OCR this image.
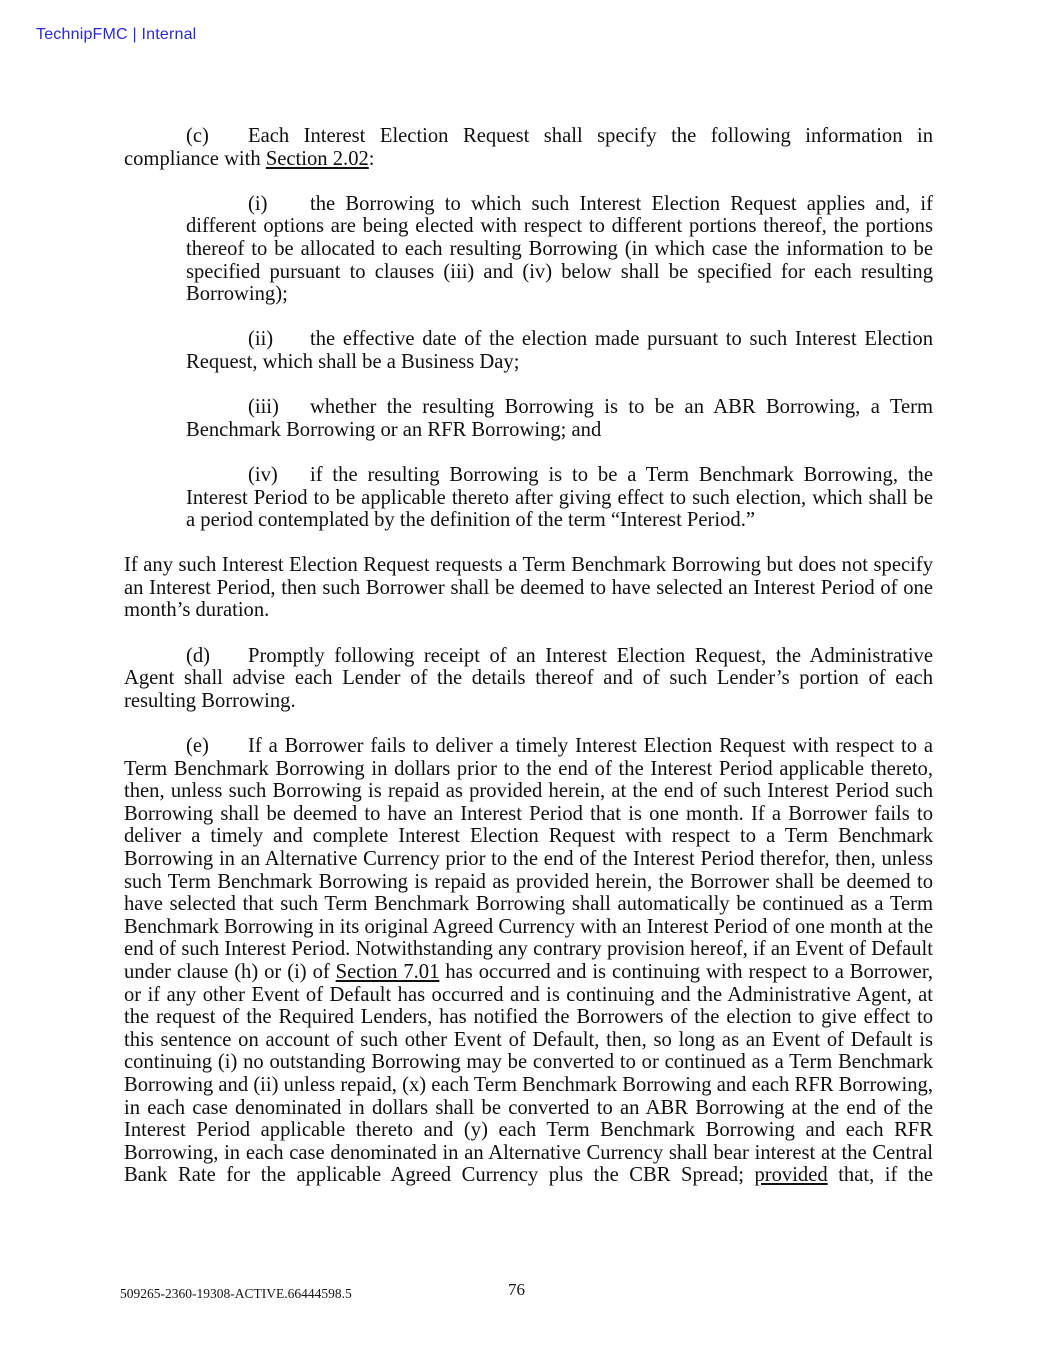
TechnipFMC | Internal

(c) Each Interest Election Request shall specify the following information in compliance with Section 2.02:

(i) the Borrowing to which such Interest Election Request applies and, if different options are being elected with respect to different portions thereof, the portions thereof to be allocated to each resulting Borrowing (in which case the information to be specified pursuant to clauses (iii) and (iv) below shall be specified for each resulting Borrowing);

(ii) the effective date of the election made pursuant to such Interest Election Request, which shall be a Business Day;

(iii) whether the resulting Borrowing is to be an ABR Borrowing, a Term Benchmark Borrowing or an RFR Borrowing; and

(iv) if the resulting Borrowing is to be a Term Benchmark Borrowing, the Interest Period to be applicable thereto after giving effect to such election, which shall be a period contemplated by the definition of the term “Interest Period.”

If any such Interest Election Request requests a Term Benchmark Borrowing but does not specify an Interest Period, then such Borrower shall be deemed to have selected an Interest Period of one month’s duration.

(d) Promptly following receipt of an Interest Election Request, the Administrative Agent shall advise each Lender of the details thereof and of such Lender’s portion of each resulting Borrowing.

(e) If a Borrower fails to deliver a timely Interest Election Request with respect to a Term Benchmark Borrowing in dollars prior to the end of the Interest Period applicable thereto, then, unless such Borrowing is repaid as provided herein, at the end of such Interest Period such Borrowing shall be deemed to have an Interest Period that is one month. If a Borrower fails to deliver a timely and complete Interest Election Request with respect to a Term Benchmark Borrowing in an Alternative Currency prior to the end of the Interest Period therefor, then, unless such Term Benchmark Borrowing is repaid as provided herein, the Borrower shall be deemed to have selected that such Term Benchmark Borrowing shall automatically be continued as a Term Benchmark Borrowing in its original Agreed Currency with an Interest Period of one month at the end of such Interest Period. Notwithstanding any contrary provision hereof, if an Event of Default under clause (h) or (i) of Section 7.01 has occurred and is continuing with respect to a Borrower, or if any other Event of Default has occurred and is continuing and the Administrative Agent, at the request of the Required Lenders, has notified the Borrowers of the election to give effect to this sentence on account of such other Event of Default, then, so long as an Event of Default is continuing (i) no outstanding Borrowing may be converted to or continued as a Term Benchmark Borrowing and (ii) unless repaid, (x) each Term Benchmark Borrowing and each RFR Borrowing, in each case denominated in dollars shall be converted to an ABR Borrowing at the end of the Interest Period applicable thereto and (y) each Term Benchmark Borrowing and each RFR Borrowing, in each case denominated in an Alternative Currency shall bear interest at the Central Bank Rate for the applicable Agreed Currency plus the CBR Spread; provided that, if the

509265-2360-19308-ACTIVE.66444598.5	76
